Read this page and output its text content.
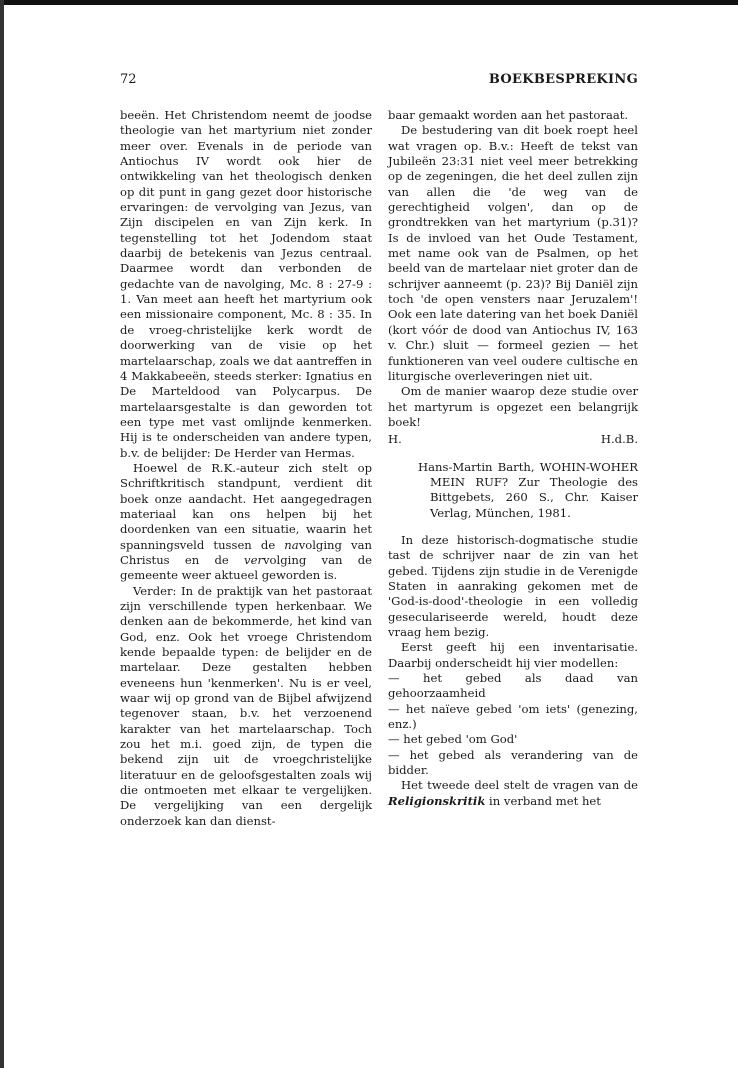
72	BOEKBESPREKING

beeën. Het Christendom neemt de joodse theologie van het martyrium niet zonder meer over. Evenals in de periode van Antiochus IV wordt ook hier de ontwikkeling van het theologisch denken op dit punt in gang gezet door historische ervaringen: de vervolging van Jezus, van Zijn discipelen en van Zijn kerk. In tegenstelling tot het Jodendom staat daarbij de betekenis van Jezus centraal. Daarmee wordt dan verbonden de gedachte van de navolging, Mc. 8 : 27-9 : 1. Van meet aan heeft het martyrium ook een missionaire component, Mc. 8 : 35. In de vroeg-christelijke kerk wordt de doorwerking van de visie op het martelaarschap, zoals we dat aantreffen in 4 Makkabeeën, steeds sterker: Ignatius en De Marteldood van Polycarpus. De martelaarsgestalte is dan geworden tot een type met vast omlijnde kenmerken. Hij is te onderscheiden van andere typen, b.v. de belijder: De Herder van Hermas.

Hoewel de R.K.-auteur zich stelt op Schriftkritisch standpunt, verdient dit boek onze aandacht. Het aangegedragen materiaal kan ons helpen bij het doordenken van een situatie, waarin het spanningsveld tussen de navolging van Christus en de vervolging van de gemeente weer aktueel geworden is.

Verder: In de praktijk van het pastoraat zijn verschillende typen herkenbaar. We denken aan de bekommerde, het kind van God, enz. Ook het vroege Christendom kende bepaalde typen: de belijder en de martelaar. Deze gestalten hebben eveneens hun 'kenmerken'. Nu is er veel, waar wij op grond van de Bijbel afwijzend tegenover staan, b.v. het verzoenend karakter van het martelaarschap. Toch zou het m.i. goed zijn, de typen die bekend zijn uit de vroegchristelijke literatuur en de geloofsgestalten zoals wij die ontmoeten met elkaar te vergelijken. De vergelijking van een dergelijk onderzoek kan dan dienst-

baar gemaakt worden aan het pastoraat.

De bestudering van dit boek roept heel wat vragen op. B.v.: Heeft de tekst van Jubileën 23:31 niet veel meer betrekking op de zegeningen, die het deel zullen zijn van allen die 'de weg van de gerechtigheid volgen', dan op de grondtrekken van het martyrium (p.31)? Is de invloed van het Oude Testament, met name ook van de Psalmen, op het beeld van de martelaar niet groter dan de schrijver aanneemt (p. 23)? Bij Daniël zijn toch 'de open vensters naar Jeruzalem'! Ook een late datering van het boek Daniël (kort vóór de dood van Antiochus IV, 163 v. Chr.) sluit — formeel gezien — het funktioneren van veel oudere cultische en liturgische overleveringen niet uit.

Om de manier waarop deze studie over het martyrum is opgezet een belangrijk boek!

H.	H.d.B.
Hans-Martin Barth, WOHIN-WOHER MEIN RUF? Zur Theologie des Bittgebets, 260 S., Chr. Kaiser Verlag, München, 1981.

In deze historisch-dogmatische studie tast de schrijver naar de zin van het gebed. Tijdens zijn studie in de Verenigde Staten in aanraking gekomen met de 'God-is-dood'-theologie in een volledig geseculariseerde wereld, houdt deze vraag hem bezig.

Eerst geeft hij een inventarisatie. Daarbij onderscheidt hij vier modellen:

— het gebed als daad van gehoorzaamheid

— het naïeve gebed 'om iets' (genezing, enz.)

— het gebed 'om God'

— het gebed als verandering van de bidder.

Het tweede deel stelt de vragen van de Religionskritik in verband met het
